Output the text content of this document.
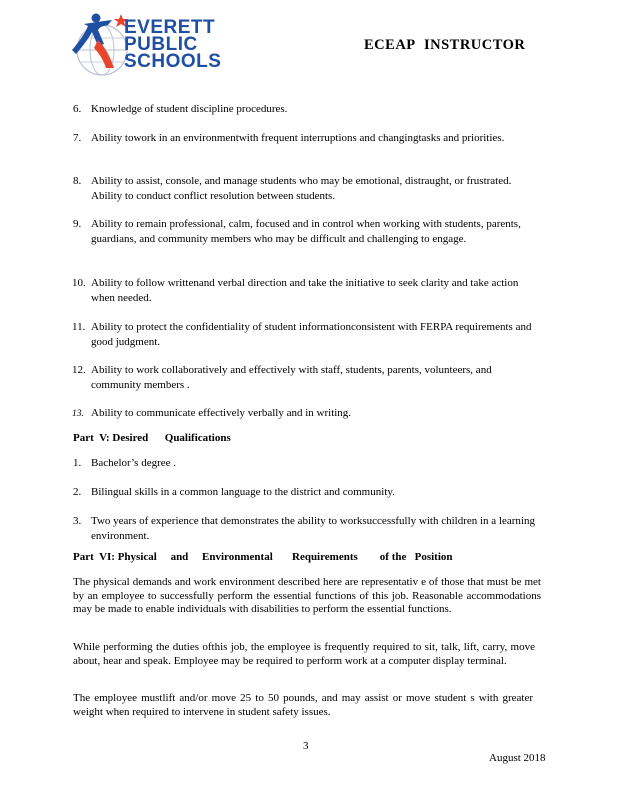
EVERETT
PUBLIC
SCHOOLS
ECEAP INSTRUCTOR
6. Knowledge of student discipline procedures.
7. Ability towork in an environmentwith frequent interruptions and changingtasks and priorities.
8. Ability to assist, console, and manage students who may be emotional, distraught, or frustrated. Ability to conduct conflict resolution between students.
9. Ability to remain professional, calm, focused and in control when working with students, parents, guardians, and community members who may be difficult and challenging to engage.
10. Ability to follow writtenand verbal direction and take the initiative to seek clarity and take action when needed.
11. Ability to protect the confidentiality of student informationconsistent with FERPA requirements and good judgment.
12. Ability to work collaboratively and effectively with staff, students, parents, volunteers, and community members .
13. Ability to communicate effectively verbally and in writing.
Part  V: Desired      Qualifications
1. Bachelor’s degree .
2. Bilingual skills in a common language to the district and community.
3. Two years of experience that demonstrates the ability to worksuccessfully with children in a learning environment.
Part  VI: Physical     and     Environmental       Requirements        of the   Position
The physical demands and work environment described here are representativ e of those that must be met by an employee to successfully perform the essential functions of this job. Reasonable accommodations may be made to enable individuals with disabilities to perform the essential functions.
While performing the duties ofthis job, the employee is frequently required to sit, talk, lift, carry, move about, hear and speak. Employee may be required to perform work at a computer display terminal.
The employee mustlift and/or move 25 to 50 pounds, and may assist or move student s with greater weight when required to intervene in student safety issues.
3
August 2018
